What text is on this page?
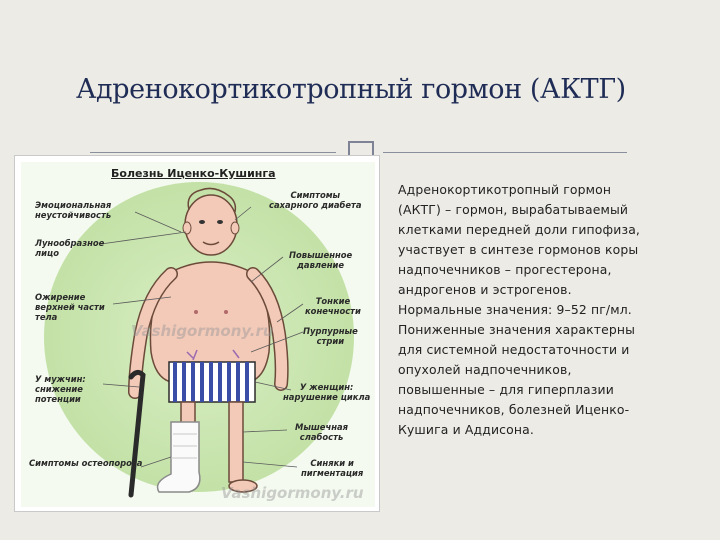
Адренокортикотропный гормон (АКТГ)
Болезнь Иценко-Кушинга
Эмоциональная
неустойчивость
Лунообразное
лицо
Ожирение
верхней части
тела
У мужчин:
снижение
потенции
Симптомы остеопороза
Симптомы
сахарного диабета
Повышенное
давление
Тонкие
конечности
Пурпурные
стрии
У женщин:
нарушение цикла
Мышечная
слабость
Синяки и
пигментация
Vashigormony.ru
Vashigormony.ru
Адренокортикотропный гормон (АКТГ) – гормон, вырабатываемый клетками передней доли гипофиза, участвует в синтезе гормонов коры надпочечников – прогестерона, андрогенов и эстрогенов. Нормальные значения: 9–52 пг/мл. Пониженные значения характерны для системной недостаточности и опухолей надпочечников, повышенные – для гиперплазии надпочечников, болезней Иценко-Кушига и Аддисона.
